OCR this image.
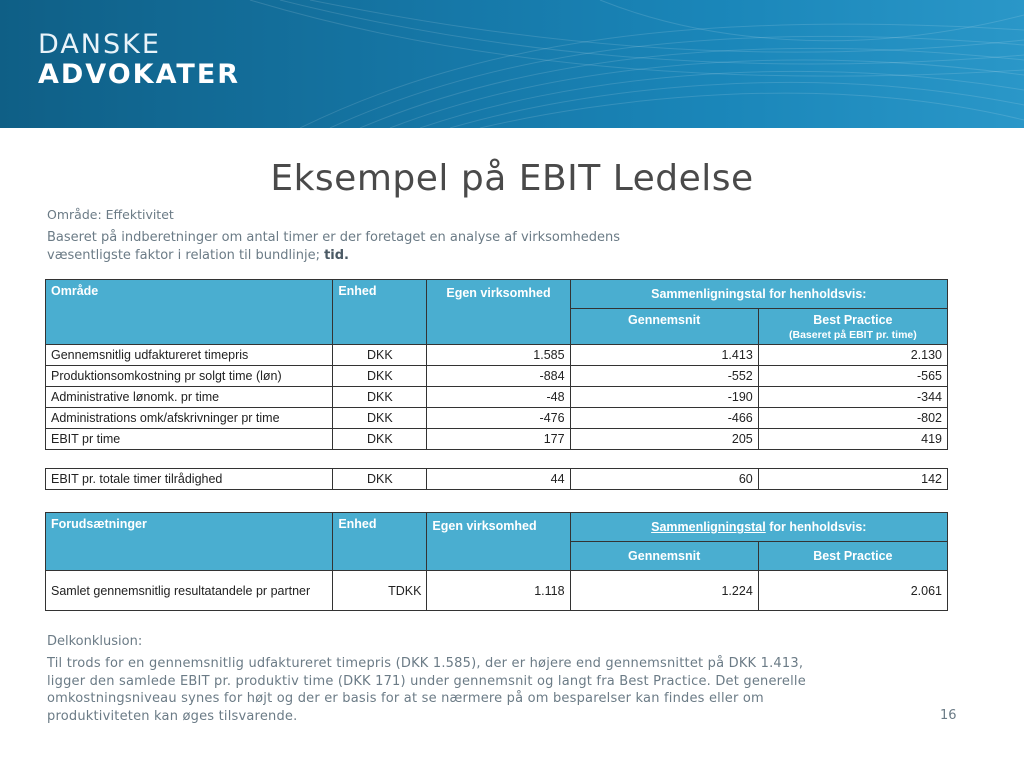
DANSKE
ADVOKATER
Eksempel på EBIT Ledelse
Område: Effektivitet
Baseret på indberetninger om antal timer er der foretaget en analyse af virksomhedens væsentligste faktor i relation til bundlinje; tid.
Område	Enhed	Egen virksomhed	Sammenligningstal for henholdsvis:	
			Gennemsnit	Best Practice
(Baseret på EBIT pr. time)

Gennemsnitlig udfaktureret timepris	DKK	1.585	1.413	2.130
Produktionsomkostning pr solgt time (løn)	DKK	-884	-552	-565
Administrative lønomk. pr time	DKK	-48	-190	-344
Administrations omk/afskrivninger pr time	DKK	-476	-466	-802
EBIT pr time	DKK	177	205	419
EBIT pr. totale timer tilrådighed	DKK	44	60	142
Forudsætninger	Enhed	Egen virksomhed	Sammenligningstal for henholdsvis:	
			Gennemsnit	Best Practice
Samlet gennemsnitlig resultatandele pr partner	TDKK	1.118	1.224	2.061
Delkonklusion:
Til trods for en gennemsnitlig udfaktureret timepris (DKK 1.585), der er højere end gennemsnittet på DKK 1.413, ligger den samlede EBIT pr. produktiv time (DKK 171) under gennemsnit og langt fra Best Practice. Det generelle omkostningsniveau synes for højt og der er basis for at se nærmere på om besparelser kan findes eller om produktiviteten kan øges tilsvarende.	16
